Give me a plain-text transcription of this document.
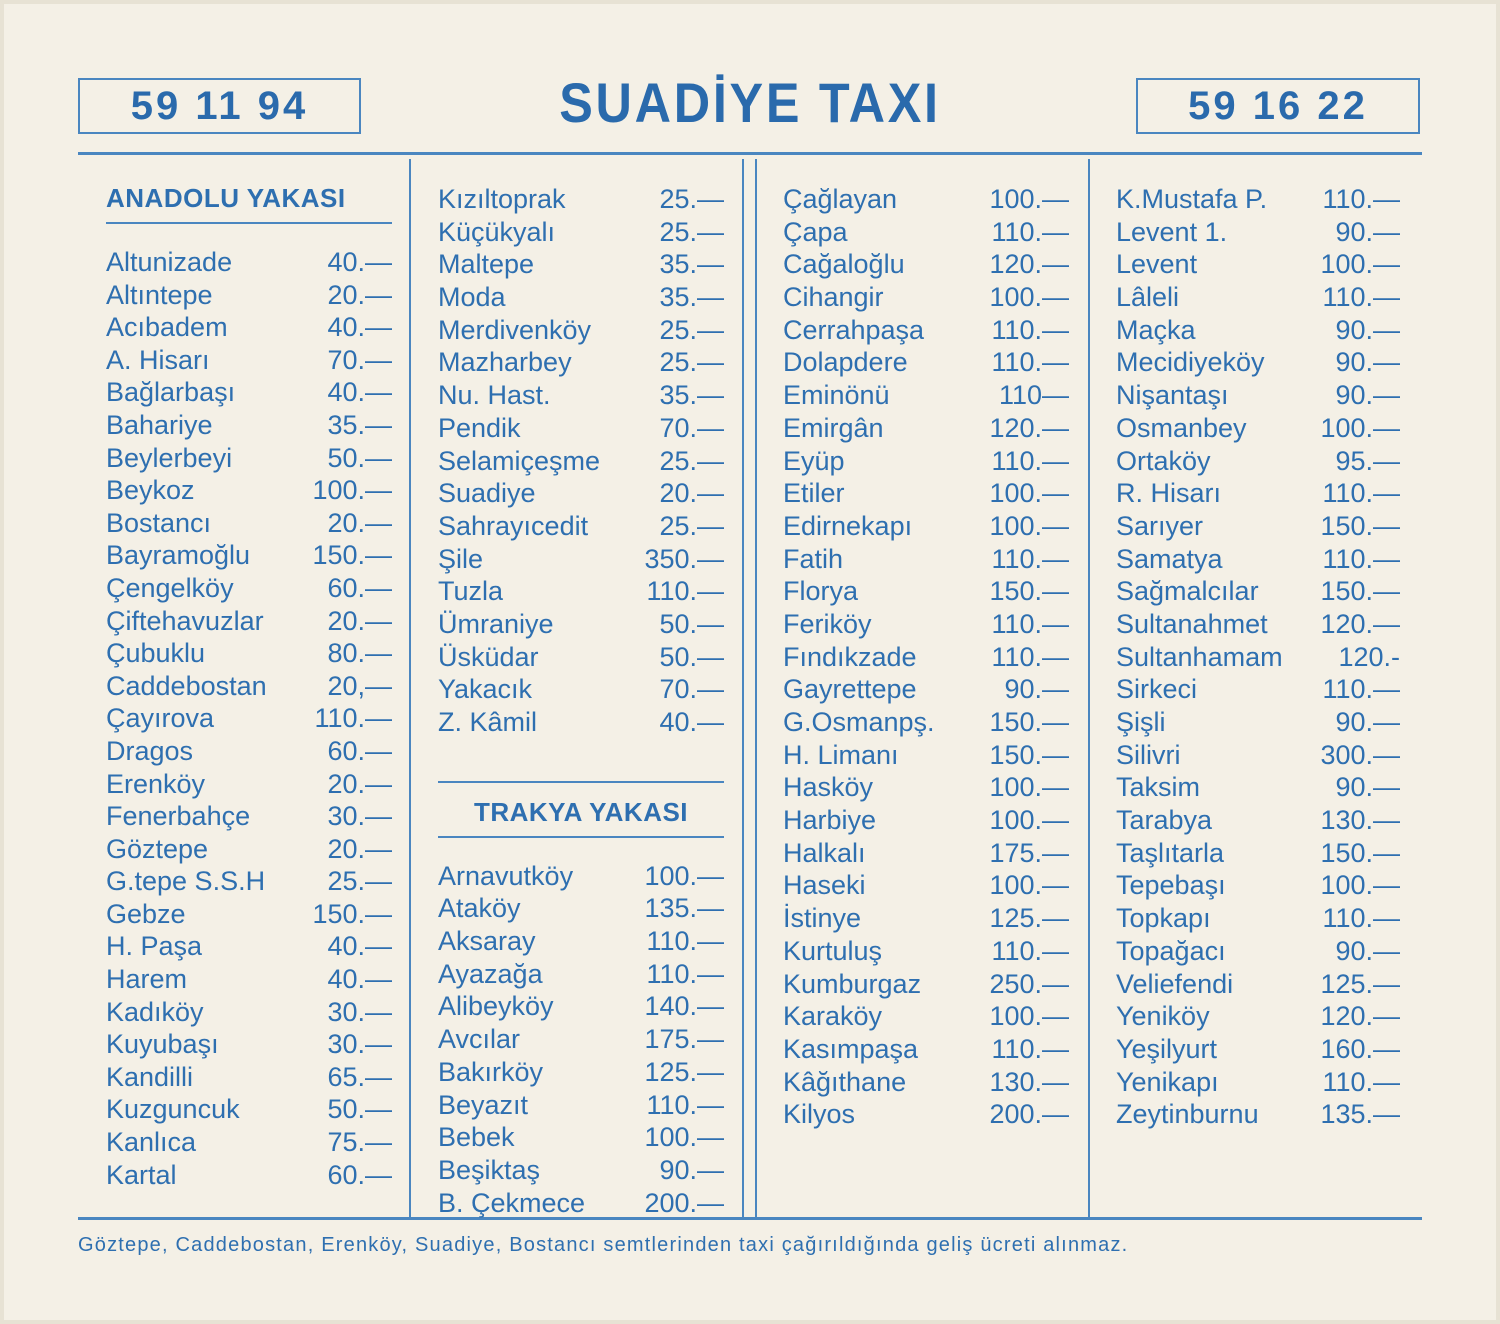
59 11 94	SUADİYE TAXI	59 16 22
ANADOLU YAKASI
Altunizade	40.—
Altıntepe	20.—
Acıbadem	40.—
A. Hisarı	70.—
Bağlarbaşı	40.—
Bahariye	35.—
Beylerbeyi	50.—
Beykoz	100.—
Bostancı	20.—
Bayramoğlu 150.—
Çengelköy	60.—
Çiftehavuzlar 20.—
Çubuklu	80.—
Caddebostan 20,—
Çayırova	110.—
Dragos	60.—
Erenköy	20.—
Fenerbahçe	30.—
Göztepe	20.—
G.tepe S.S.H 25.—
Gebze	150.—
H. Paşa	40.—
Harem	40.—
Kadıköy	30.—
Kuyubaşı	30.—
Kandilli	65.—
Kuzguncuk	50.—
Kanlıca	75.—
Kartal	60.—
Kızıltoprak	25.—
Küçükyalı	25.—
Maltepe	35.—
Moda	35.—
Merdivenköy	25.—
Mazharbey	25.—
Nu. Hast.	35.—
Pendik	70.—
Selamiçeşme 25.—
Suadiye	20.—
Sahrayıcedit	25.—
Şile	350.—
Tuzla	110.—
Ümraniye	50.—
Üsküdar	50.—
Yakacık	70.—
Z. Kâmil	40.—
TRAKYA YAKASI
Arnavutköy	100.—
Ataköy	135.—
Aksaray	110.—
Ayazağa	110.—
Alibeyköy	140.—
Avcılar	175.—
Bakırköy	125.—
Beyazıt	110.—
Bebek	100.—
Beşiktaş	90.—
B. Çekmece 200.—
Çağlayan	100.—
Çapa	110.—
Cağaloğlu	120.—
Cihangir	100.—
Cerrahpaşa 110.—
Dolapdere	110.—
Eminönü	110—
Emirgân	120.—
Eyüp	110.—
Etiler	100.—
Edirnekapı	100.—
Fatih	110.—
Florya	150.—
Feriköy	110.—
Fındıkzade	110.—
Gayrettepe	90.—
G.Osmanpş. 150.—
H. Limanı	150.—
Hasköy	100.—
Harbiye	100.—
Halkalı	175.—
Haseki	100.—
İstinye	125.—
Kurtuluş	110.—
Kumburgaz	250.—
Karaköy	100.—
Kasımpaşa	110.—
Kâğıthane	130.—
Kilyos	200.—
K.Mustafa P. 110.—
Levent 1.	90.—
Levent	100.—
Lâleli	110.—
Maçka	90.—
Mecidiyeköy	90.—
Nişantaşı	90.—
Osmanbey	100.—
Ortaköy	95.—
R. Hisarı	110.—
Sarıyer	150.—
Samatya	110.—
Sağmalcılar 150.—
Sultanahmet 120.—
Sultanhamam 120.-
Sirkeci	110.—
Şişli	90.—
Silivri	300.—
Taksim	90.—
Tarabya	130.—
Taşlıtarla	150.—
Tepebaşı	100.—
Topkapı	110.—
Topağacı	90.—
Veliefendi	125.—
Yeniköy	120.—
Yeşilyurt	160.—
Yenikapı	110.—
Zeytinburnu 135.—
Göztepe, Caddebostan, Erenköy, Suadiye, Bostancı semtlerinden taxi çağırıldığında geliş ücreti alınmaz.
